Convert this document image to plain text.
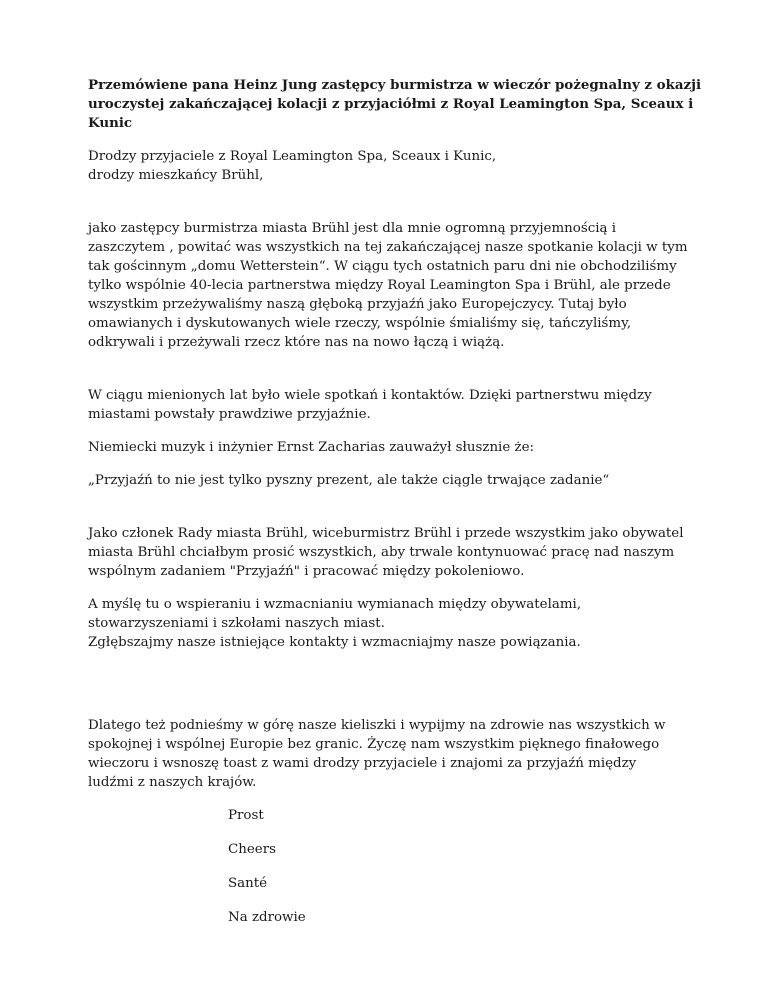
Przemówiene pana Heinz Jung zastępcy burmistrza w wieczór pożegnalny z okazji
uroczystej zakańczającej kolacji z przyjaciółmi z Royal Leamington Spa, Sceaux i
Kunic

Drodzy przyjaciele z Royal Leamington Spa, Sceaux i Kunic,
drodzy mieszkańcy Brühl,

jako zastępcy burmistrza miasta Brühl jest dla mnie ogromną przyjemnością i
zaszczytem , powitać was wszystkich na tej zakańczającej nasze spotkanie kolacji w tym
tak gościnnym „domu Wetterstein“. W ciągu tych ostatnich paru dni nie obchodziliśmy
tylko wspólnie 40-lecia partnerstwa między Royal Leamington Spa i Brühl, ale przede
wszystkim przeżywaliśmy naszą głęboką przyjaźń jako Europejczycy. Tutaj było
omawianych i dyskutowanych wiele rzeczy, wspólnie śmialiśmy się, tańczyliśmy,
odkrywali i przeżywali rzecz które nas na nowo łączą i wiążą.

W ciągu mienionych lat było wiele spotkań i kontaktów. Dzięki partnerstwu między
miastami powstały prawdziwe przyjaźnie.

Niemiecki muzyk i inżynier Ernst Zacharias zauważył słusznie że:

„Przyjaźń to nie jest tylko pyszny prezent, ale także ciągle trwające zadanie“

Jako członek Rady miasta Brühl, wiceburmistrz Brühl i przede wszystkim jako obywatel
miasta Brühl chciałbym prosić wszystkich, aby trwale kontynuować pracę nad naszym
wspólnym zadaniem "Przyjaźń" i pracować między pokoleniowo.

A myślę tu o wspieraniu i wzmacnianiu wymianach między obywatelami,
stowarzyszeniami i szkołami naszych miast.
Zgłębszajmy nasze istniejące kontakty i wzmacniajmy nasze powiązania.

Dlatego też podnieśmy w górę nasze kieliszki i wypijmy na zdrowie nas wszystkich w
spokojnej i wspólnej Europie bez granic. Życzę nam wszystkim pięknego finałowego
wieczoru i wsnoszę toast z wami drodzy przyjaciele i znajomi za przyjaźń między
ludźmi z naszych krajów.

Prost
Cheers
Santé
Na zdrowie
